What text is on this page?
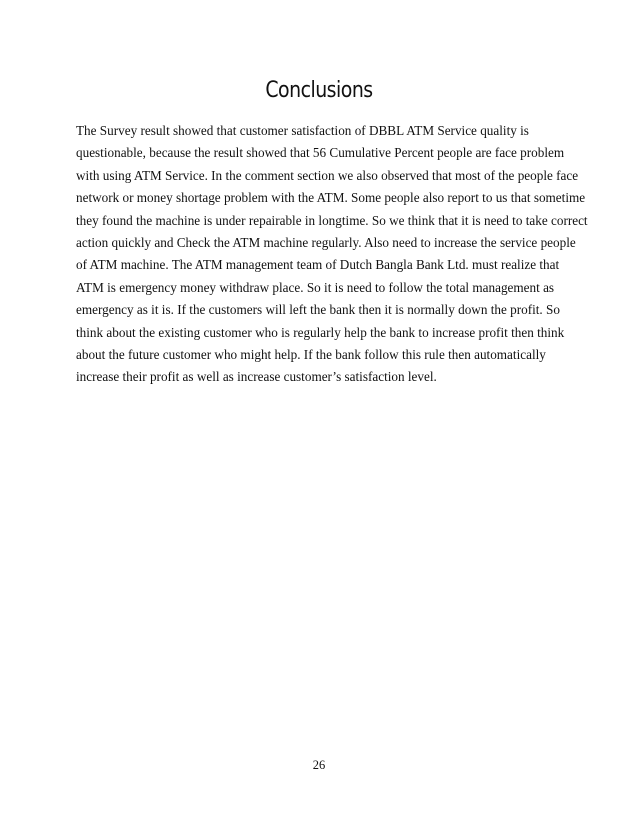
Conclusions
The Survey result showed that customer satisfaction of DBBL ATM Service quality is
questionable, because the result showed that 56 Cumulative Percent people are face problem
with using ATM Service. In the comment section we also observed that most of the people face
network or money shortage problem with the ATM. Some people also report to us that sometime
they found the machine is under repairable in longtime. So we think that it is need to take correct
action quickly and Check the ATM machine regularly. Also need to increase the service people
of ATM machine. The ATM management team of Dutch Bangla Bank Ltd. must realize that
ATM is emergency money withdraw place. So it is need to follow the total management as
emergency as it is. If the customers will left the bank then it is normally down the profit. So
think about the existing customer who is regularly help the bank to increase profit then think
about the future customer who might help. If the bank follow this rule then automatically
increase their profit as well as increase customer’s satisfaction level.
26
